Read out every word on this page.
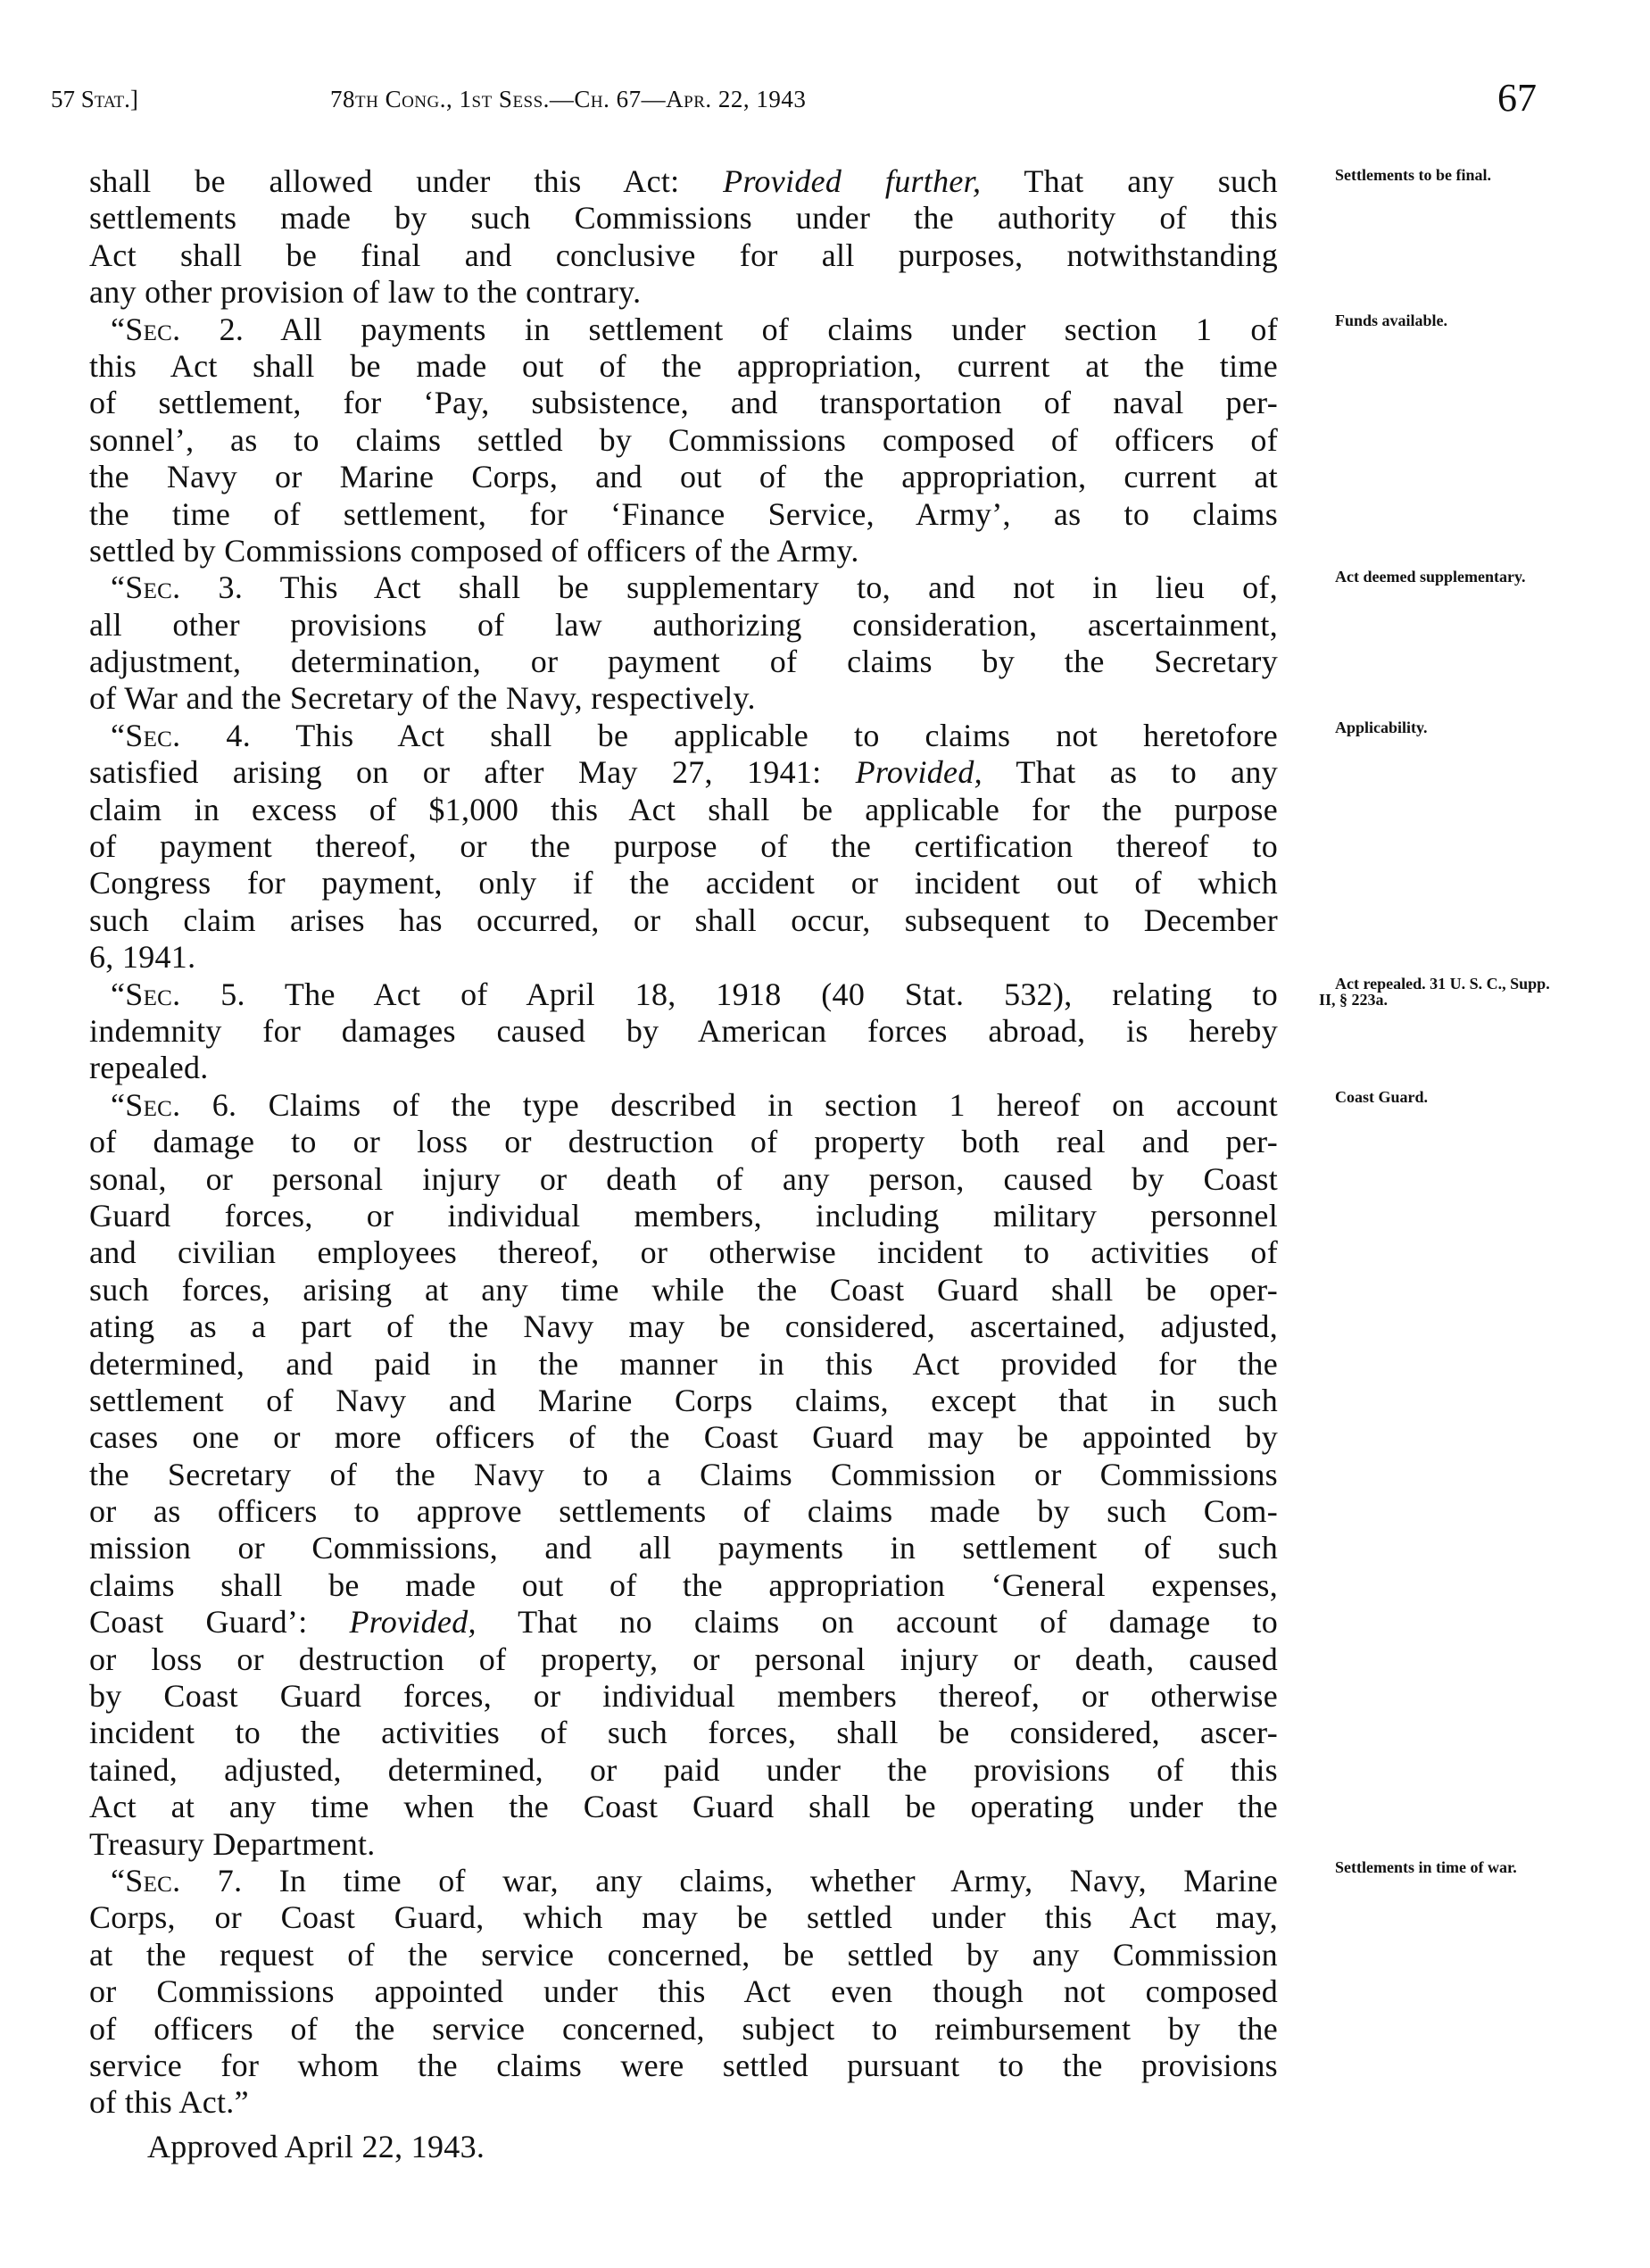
57 Stat.]	78th Cong., 1st Sess.—Ch. 67—Apr. 22, 1943	67
shall be allowed under this Act: Provided further, That any such
settlements made by such Commissions under the authority of this
Act shall be final and conclusive for all purposes, notwithstanding
any other provision of law to the contrary.
“Sec. 2. All payments in settlement of claims under section 1 of
this Act shall be made out of the appropriation, current at the time
of settlement, for ‘Pay, subsistence, and transportation of naval per-
sonnel’, as to claims settled by Commissions composed of officers of
the Navy or Marine Corps, and out of the appropriation, current at
the time of settlement, for ‘Finance Service, Army’, as to claims
settled by Commissions composed of officers of the Army.
“Sec. 3. This Act shall be supplementary to, and not in lieu of,
all other provisions of law authorizing consideration, ascertainment,
adjustment, determination, or payment of claims by the Secretary
of War and the Secretary of the Navy, respectively.
“Sec. 4. This Act shall be applicable to claims not heretofore
satisfied arising on or after May 27, 1941: Provided, That as to any
claim in excess of $1,000 this Act shall be applicable for the purpose
of payment thereof, or the purpose of the certification thereof to
Congress for payment, only if the accident or incident out of which
such claim arises has occurred, or shall occur, subsequent to December
6, 1941.
“Sec. 5. The Act of April 18, 1918 (40 Stat. 532), relating to
indemnity for damages caused by American forces abroad, is hereby
repealed.
“Sec. 6. Claims of the type described in section 1 hereof on account
of damage to or loss or destruction of property both real and per-
sonal, or personal injury or death of any person, caused by Coast
Guard forces, or individual members, including military personnel
and civilian employees thereof, or otherwise incident to activities of
such forces, arising at any time while the Coast Guard shall be oper-
ating as a part of the Navy may be considered, ascertained, adjusted,
determined, and paid in the manner in this Act provided for the
settlement of Navy and Marine Corps claims, except that in such
cases one or more officers of the Coast Guard may be appointed by
the Secretary of the Navy to a Claims Commission or Commissions
or as officers to approve settlements of claims made by such Com-
mission or Commissions, and all payments in settlement of such
claims shall be made out of the appropriation ‘General expenses,
Coast Guard’: Provided, That no claims on account of damage to
or loss or destruction of property, or personal injury or death, caused
by Coast Guard forces, or individual members thereof, or otherwise
incident to the activities of such forces, shall be considered, ascer-
tained, adjusted, determined, or paid under the provisions of this
Act at any time when the Coast Guard shall be operating under the
Treasury Department.
“Sec. 7. In time of war, any claims, whether Army, Navy, Marine
Corps, or Coast Guard, which may be settled under this Act may,
at the request of the service concerned, be settled by any Commission
or Commissions appointed under this Act even though not composed
of officers of the service concerned, subject to reimbursement by the
service for whom the claims were settled pursuant to the provisions
of this Act.”
Approved April 22, 1943.
Settlements to be final.
Funds available.
Act deemed supplementary.
Applicability.
Act repealed. 31 U. S. C., Supp. II, § 223a.
Coast Guard.
Settlements in time of war.
